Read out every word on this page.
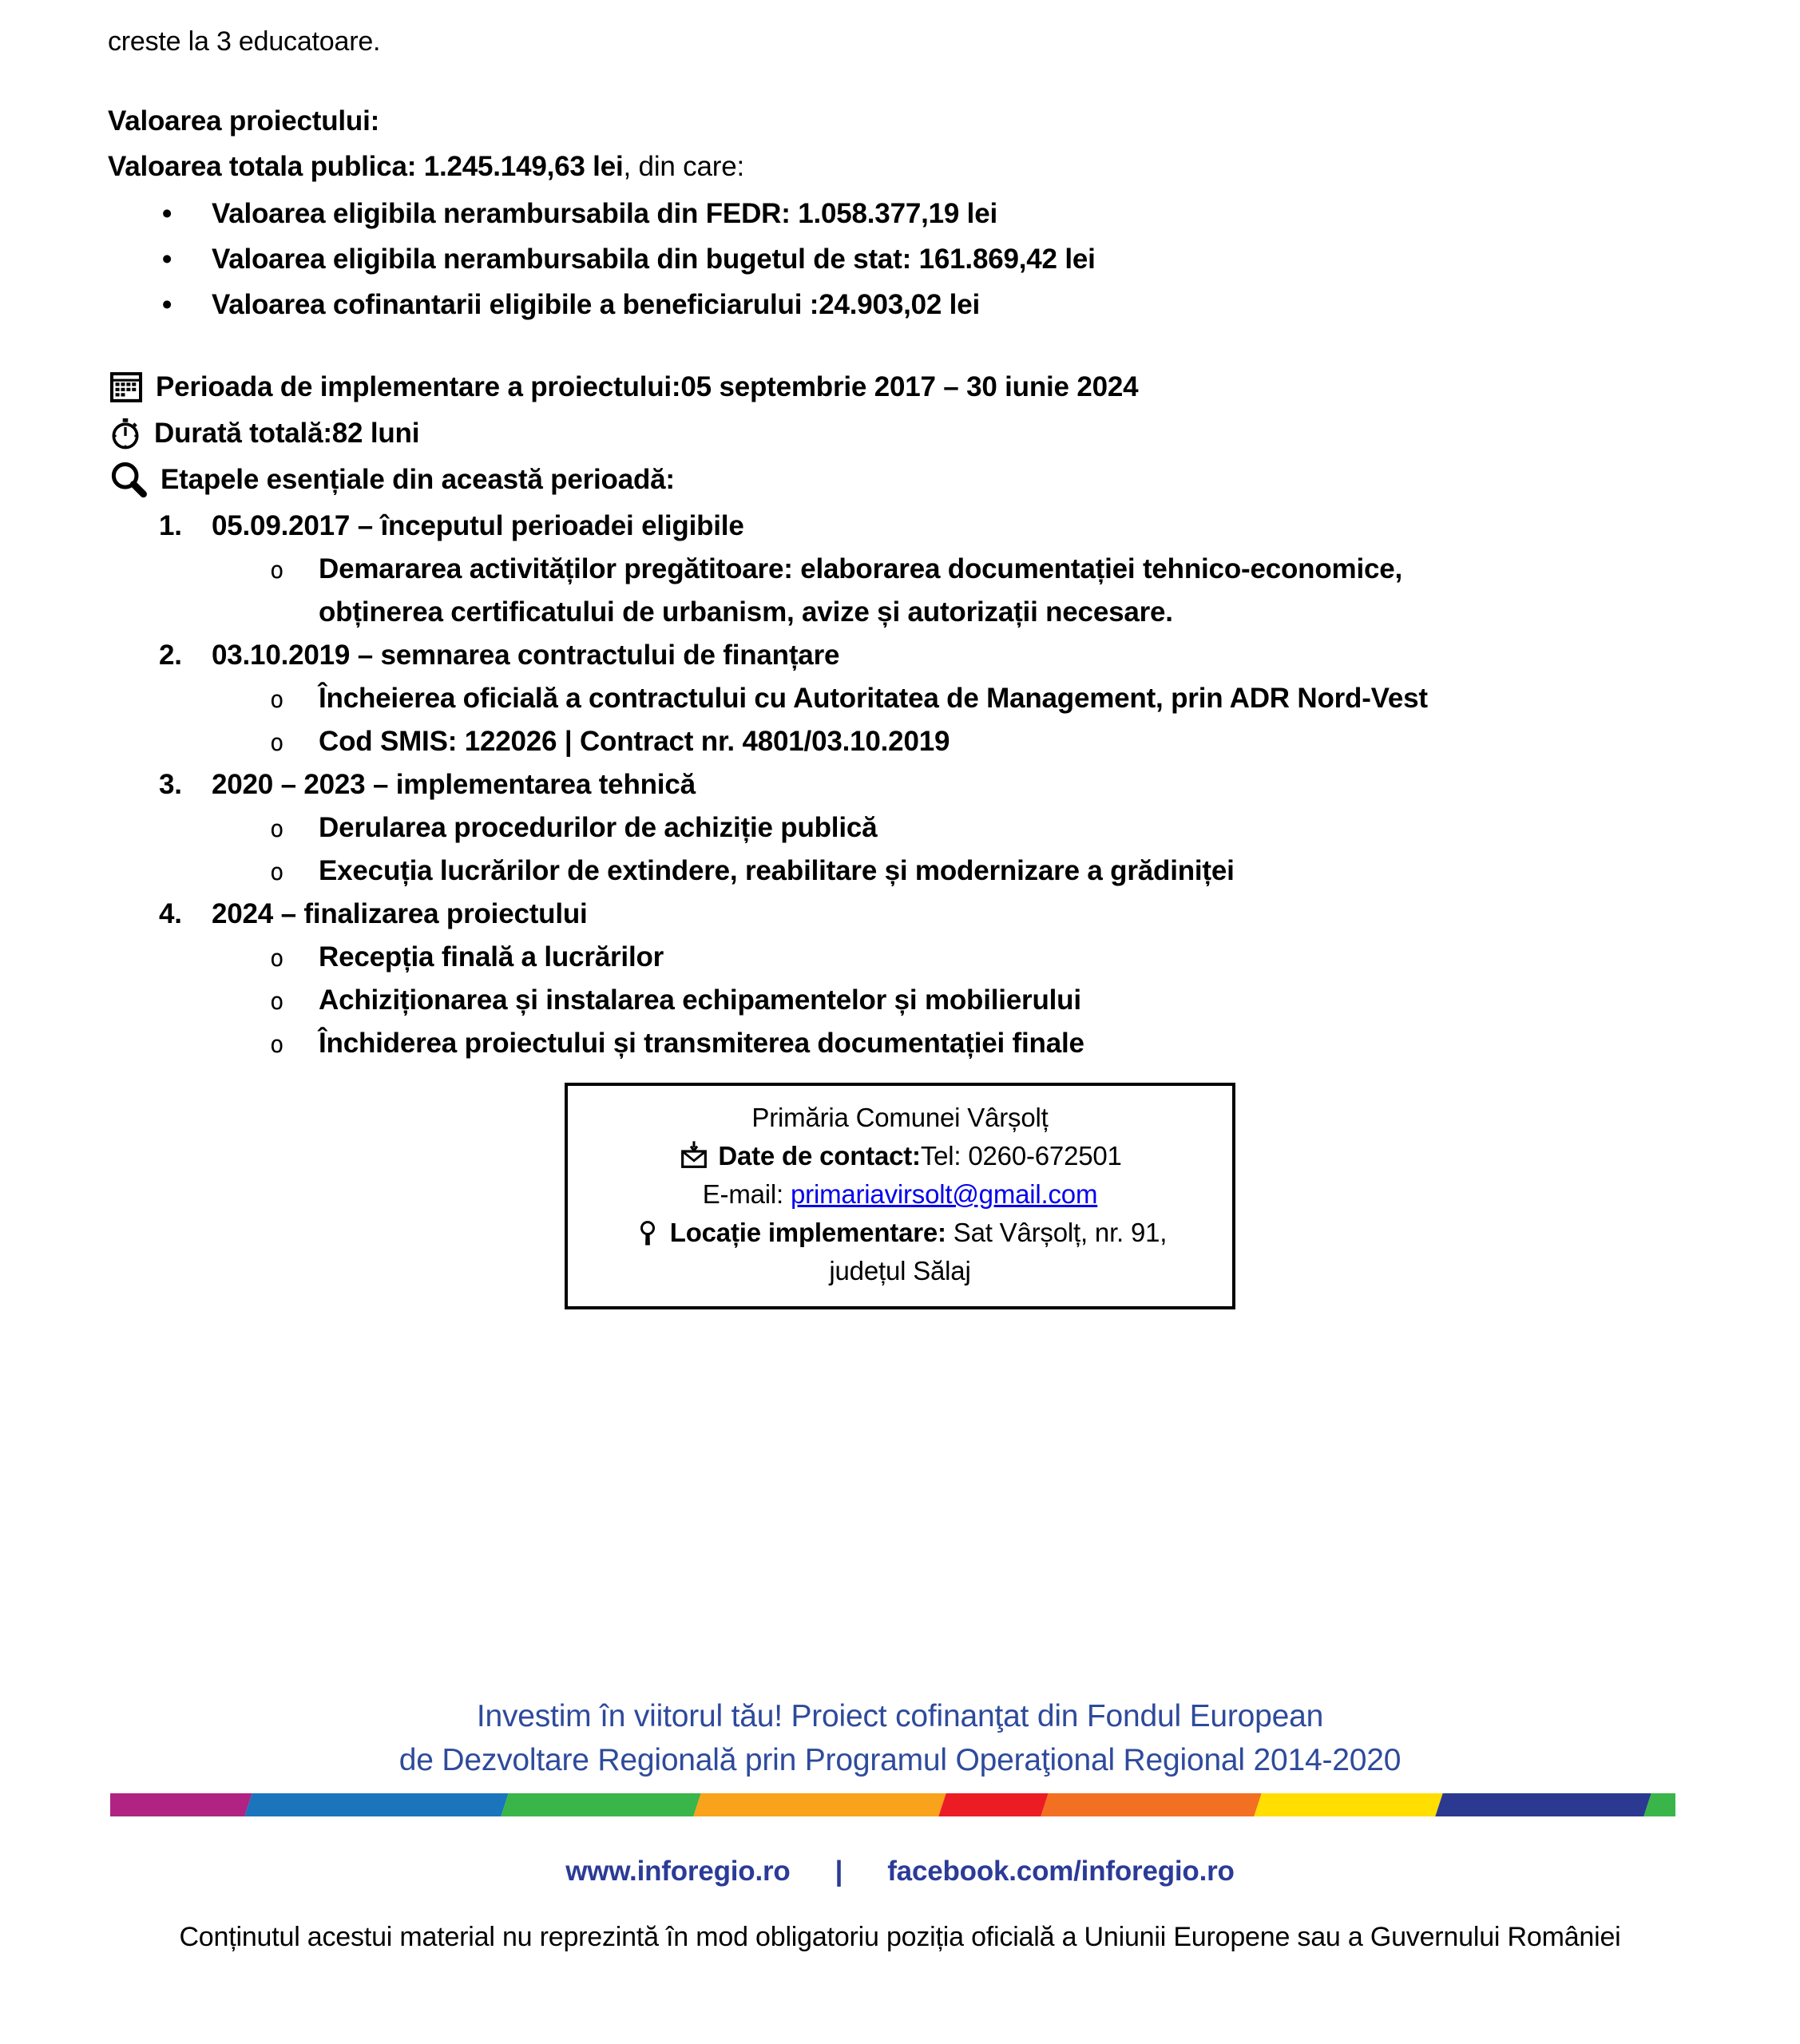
creste la 3 educatoare.

Valoarea proiectului:

Valoarea totala publica: 1.245.149,63 lei, din care:

• Valoarea eligibila nerambursabila din FEDR: 1.058.377,19 lei
• Valoarea eligibila nerambursabila din bugetul de stat: 161.869,42 lei
• Valoarea cofinantarii eligibile a beneficiarului :24.903,02 lei

Perioada de implementare a proiectului:05 septembrie 2017 – 30 iunie 2024

Durată totală:82 luni

Etapele esențiale din această perioadă:

1. 05.09.2017 – începutul perioadei eligibile

o Demararea activităților pregătitoare: elaborarea documentației tehnico-economice, obținerea certificatului de urbanism, avize și autorizații necesare.

2. 03.10.2019 – semnarea contractului de finanțare

o Încheierea oficială a contractului cu Autoritatea de Management, prin ADR Nord-Vest

o Cod SMIS: 122026 | Contract nr. 4801/03.10.2019

3. 2020 – 2023 – implementarea tehnică

o Derularea procedurilor de achiziție publică

o Execuția lucrărilor de extindere, reabilitare și modernizare a grădiniței

4. 2024 – finalizarea proiectului

o Recepția finală a lucrărilor

o Achiziționarea și instalarea echipamentelor și mobilierului

o Închiderea proiectului și transmiterea documentației finale

Primăria Comunei Vârșolț
Date de contact:Tel: 0260-672501
E-mail: primariavirsolt@gmail.com
Locație implementare: Sat Vârșolț, nr. 91,
județul Sălaj
Investim în viitorul tău! Proiect cofinanţat din Fondul European
de Dezvoltare Regională prin Programul Operaţional Regional 2014-2020
www.inforegio.ro | facebook.com/inforegio.ro
Conținutul acestui material nu reprezintă în mod obligatoriu poziția oficială a Uniunii Europene sau a Guvernului României
